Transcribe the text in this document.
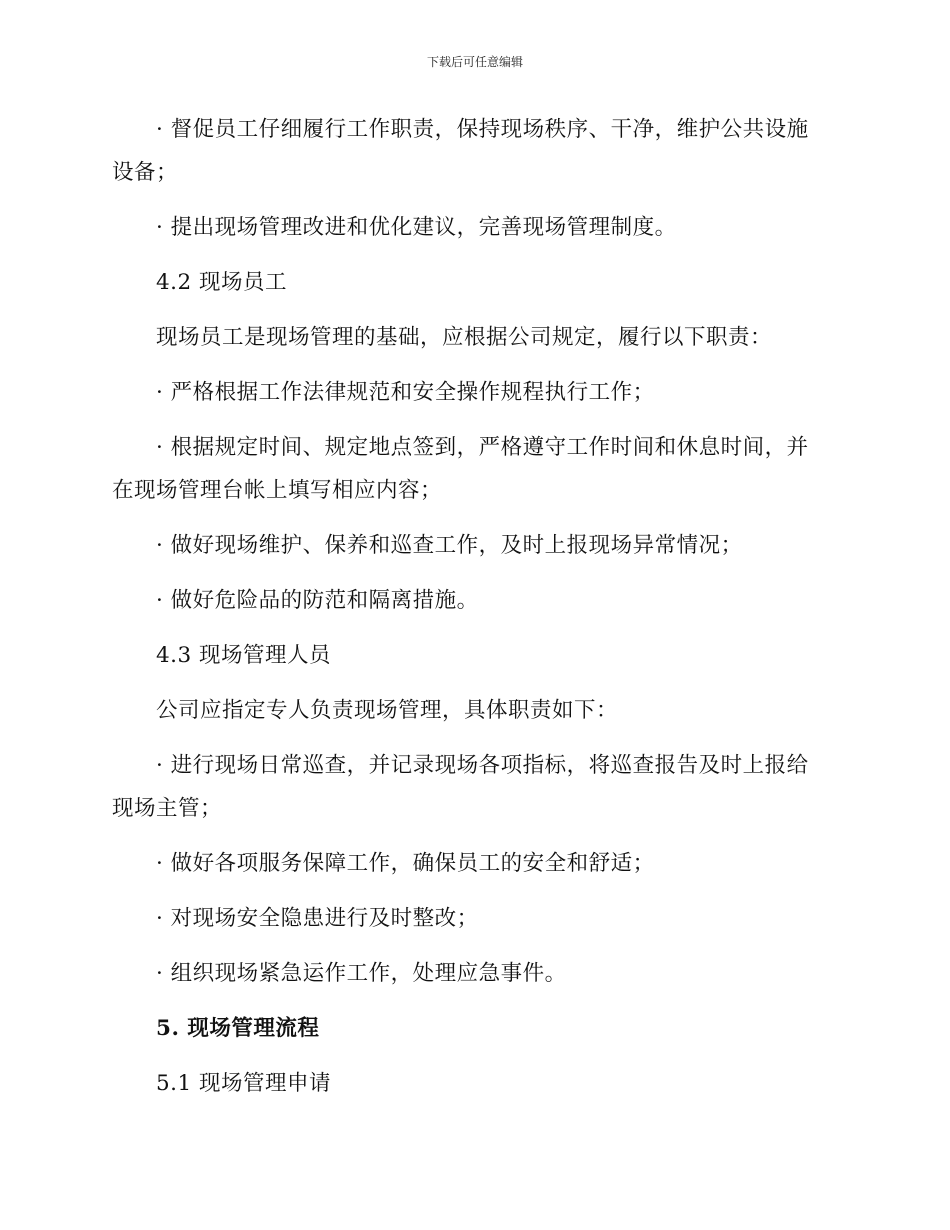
下载后可任意编辑

· 督促员工仔细履行工作职责，保持现场秩序、干净，维护公共设施设备；

· 提出现场管理改进和优化建议，完善现场管理制度。

4.2 现场员工

现场员工是现场管理的基础，应根据公司规定，履行以下职责：

· 严格根据工作法律规范和安全操作规程执行工作；

· 根据规定时间、规定地点签到，严格遵守工作时间和休息时间，并在现场管理台帐上填写相应内容；

· 做好现场维护、保养和巡查工作，及时上报现场异常情况；

· 做好危险品的防范和隔离措施。

4.3 现场管理人员

公司应指定专人负责现场管理，具体职责如下：

· 进行现场日常巡查，并记录现场各项指标，将巡查报告及时上报给现场主管；

· 做好各项服务保障工作，确保员工的安全和舒适；

· 对现场安全隐患进行及时整改；

· 组织现场紧急运作工作，处理应急事件。

5. 现场管理流程

5.1 现场管理申请
